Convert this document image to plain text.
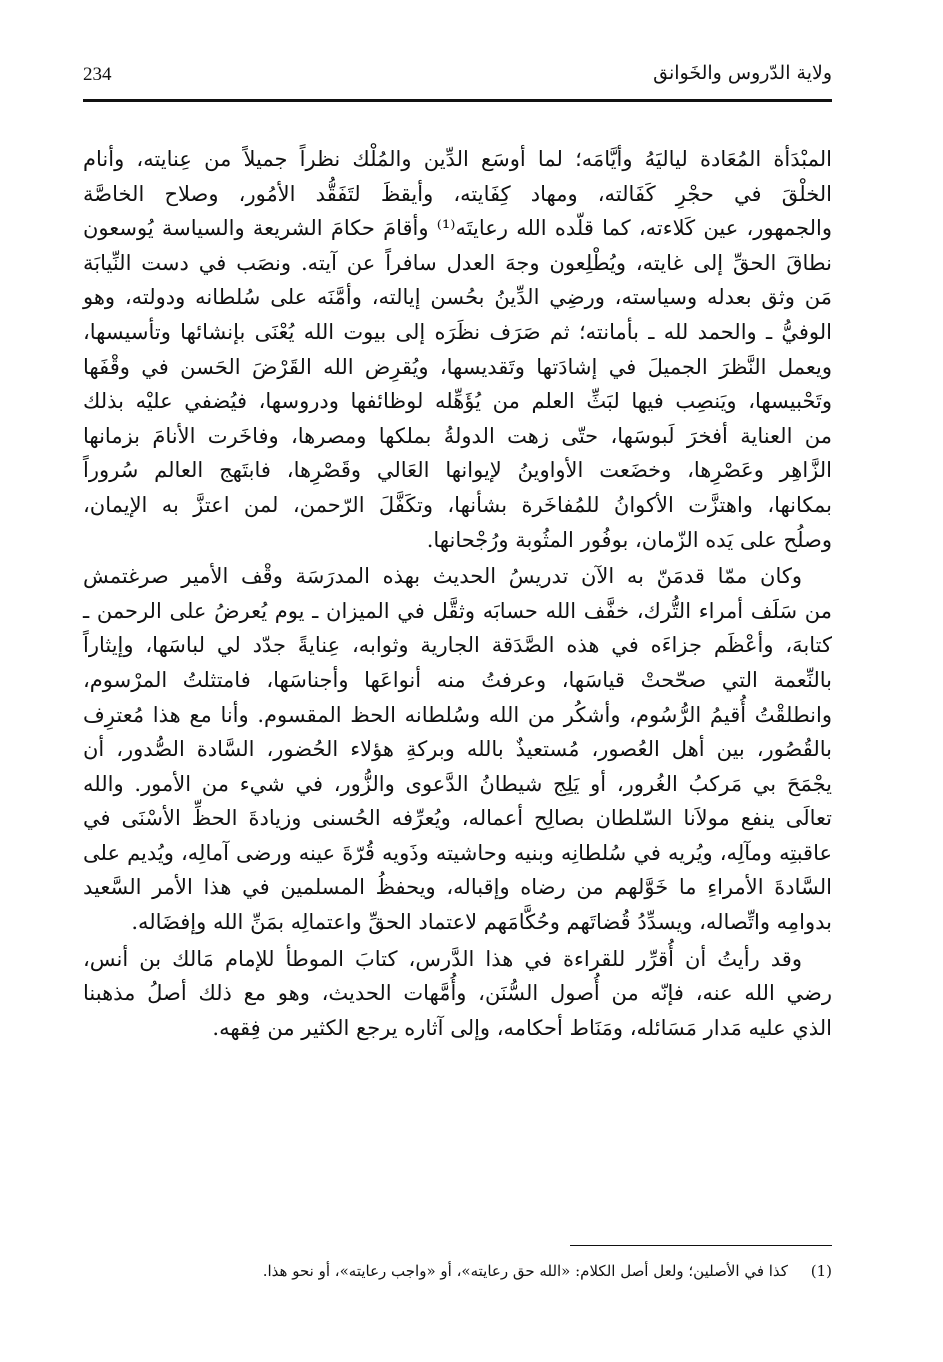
234	ولاية الدّروس والخَوانق
المبْدَأة المُعَادة لياليَهُ وأيَّامَه؛ لما أوسَع الدِّين والمُلْك نظراً جميلاً من عِنايته، وأنام
الخلْقَ في حجْرِ كَفَالته، ومهاد كِفَايته، وأيقظَ لتَفَقُّد الأمُور، وصلاح الخاصَّة
والجمهور، عين كَلاءته، كما قلّده الله رعايتَه⁽¹⁾ وأقامَ حكامَ الشريعة والسياسة يُوسعون
نطاقَ الحقِّ إلى غايته، ويُطْلِعون وجهَ العدل سافراً عن آيته. ونصَب في دست النِّيابَة
مَن وثق بعدله وسياسته، ورضِي الدِّينُ بحُسن إيالته، وأمَّنَه على سُلطانه ودولته، وهو
الوفيُّ ـ والحمد لله ـ بأمانته؛ ثم صَرَف نظَرَه إلى بيوت الله يُعْنَى بإنشائها وتأسيسها،
ويعمل النَّظرَ الجميلَ في إشادَتها وتَقديسها، ويُقرِض الله القَرْضَ الحَسن في وقْفَها
وتَحْبيسها، ويَنصِب فيها لبَثِّ العلم من يُؤَهِّله لوظائفها ودروسها، فيُضفي عليْه بذلك
من العناية أفخرَ لَبوسَها، حتّى زهت الدولةُ بملكها ومصرها، وفاخَرت الأنامَ بزمانها
الزَّاهِر وعَصْرِها، وخضَعت الأواوينُ لإيوانها العَالي وقَصْرِها، فابتَهج العالم سُروراً
بمكانها، واهتزَّت الأكوانُ للمُفاخَرة بشأنها، وتكَفَّلَ الرّحمن، لمن اعتزَّ به الإيمان،
وصلُح على يَده الزّمان، بوفُور المثُوبة ورُجْحانها.
وكان ممّا قدمَنّ به الآن تدريسُ الحديث بهذه المدرَسَة وقْف الأمير صرغتمش
من سَلَف أمراء التُّرك، خفَّف الله حسابَه وثقَّل في الميزان ـ يوم يُعرضُ على الرحمن ـ
كتابهَ، وأعْظَم جزاءَه في هذه الصَّدَقة الجارية وثوابه، عِنايةً جدّد لي لباسَها، وإيثاراً
بالنِّعمة التي صحّحتْ قياسَها، وعرفتُ منه أنواعَها وأجناسَها، فامتثلتُ المرْسوم،
وانطلقْتُ أُقيمُ الرُّسُوم، وأشكُر من الله وسُلطانه الحظ المقسوم. وأنا مع هذا مُعترِف
بالقُصُور، بين أهل العُصور، مُستعيذٌ بالله وبركةِ هؤلاء الحُضور، السَّادة الصُّدور، أن
يجْمَحَ بي مَركبُ الغُرور، أو يَلِج شيطانُ الدَّعوى والزُّور، في شيء من الأمور. والله
تعالَى ينفع مولاَنا السّلطان بصالِح أعماله، ويُعرِّفه الحُسنى وزيادةَ الحظِّ الأسْنَى في
عاقبتِه ومآلِه، ويُريه في سُلطانِه وبنيه وحاشيته وذَويه قُرّةَ عينه ورضى آمالِه، ويُديم على
السَّادةَ الأمراءِ ما خَوَّلهم من رضاه وإقباله، ويحفظُ المسلمين في هذا الأمر السَّعيد
بدوامِه واتِّصاله، ويسدِّدُ قُضاتَهم وحُكَّامَهم لاعتماد الحقِّ واعتمالِه بمَنِّ الله وإفضَاله.
وقد رأيتُ أن أُقرِّر للقراءة في هذا الدَّرس، كتابَ الموطأ للإمام مَالك بن أنس،
رضي الله عنه، فإنّه من أُصول السُّنَن، وأُمَّهات الحديث، وهو مع ذلك أصلُ مذهبنا
الذي عليه مَدار مَسَائله، ومَنَاط أحكامه، وإلى آثاره يرجع الكثير من فِقهه.
(1) كذا في الأصلين؛ ولعل أصل الكلام: «الله حق رعايته»، أو «واجب رعايته»، أو نحو هذا.
